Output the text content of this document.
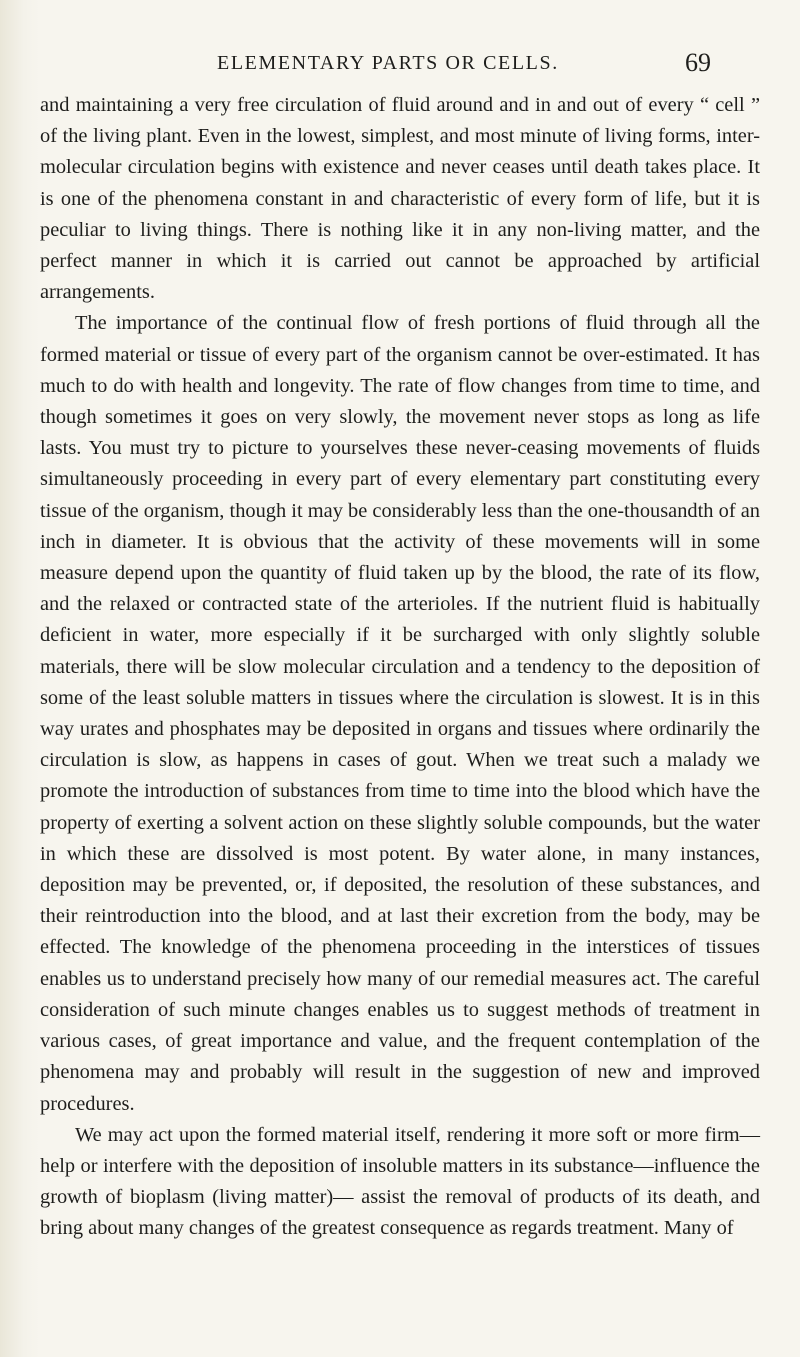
ELEMENTARY PARTS OR CELLS.	69

and maintaining a very free circulation of fluid around and in and out of every “ cell ” of the living plant. Even in the lowest, simplest, and most minute of living forms, inter-molecular circulation begins with existence and never ceases until death takes place. It is one of the phenomena constant in and characteristic of every form of life, but it is peculiar to living things. There is nothing like it in any non-living matter, and the perfect manner in which it is carried out cannot be approached by artificial arrangements.

The importance of the continual flow of fresh portions of fluid through all the formed material or tissue of every part of the organism cannot be over-estimated. It has much to do with health and longevity. The rate of flow changes from time to time, and though sometimes it goes on very slowly, the movement never stops as long as life lasts. You must try to picture to yourselves these never-ceasing movements of fluids simultaneously proceeding in every part of every elementary part constituting every tissue of the organism, though it may be considerably less than the one-thousandth of an inch in diameter. It is obvious that the activity of these movements will in some measure depend upon the quantity of fluid taken up by the blood, the rate of its flow, and the relaxed or contracted state of the arterioles. If the nutrient fluid is habitually deficient in water, more especially if it be surcharged with only slightly soluble materials, there will be slow molecular circulation and a tendency to the deposition of some of the least soluble matters in tissues where the circulation is slowest. It is in this way urates and phosphates may be deposited in organs and tissues where ordinarily the circulation is slow, as happens in cases of gout. When we treat such a malady we promote the introduction of substances from time to time into the blood which have the property of exerting a solvent action on these slightly soluble compounds, but the water in which these are dissolved is most potent. By water alone, in many instances, deposition may be prevented, or, if deposited, the resolution of these substances, and their reintroduction into the blood, and at last their excretion from the body, may be effected. The knowledge of the phenomena proceeding in the interstices of tissues enables us to understand precisely how many of our remedial measures act. The careful consideration of such minute changes enables us to suggest methods of treatment in various cases, of great importance and value, and the frequent contemplation of the phenomena may and probably will result in the suggestion of new and improved procedures.

We may act upon the formed material itself, rendering it more soft or more firm—help or interfere with the deposition of insoluble matters in its substance—influence the growth of bioplasm (living matter)— assist the removal of products of its death, and bring about many changes of the greatest consequence as regards treatment. Many of
